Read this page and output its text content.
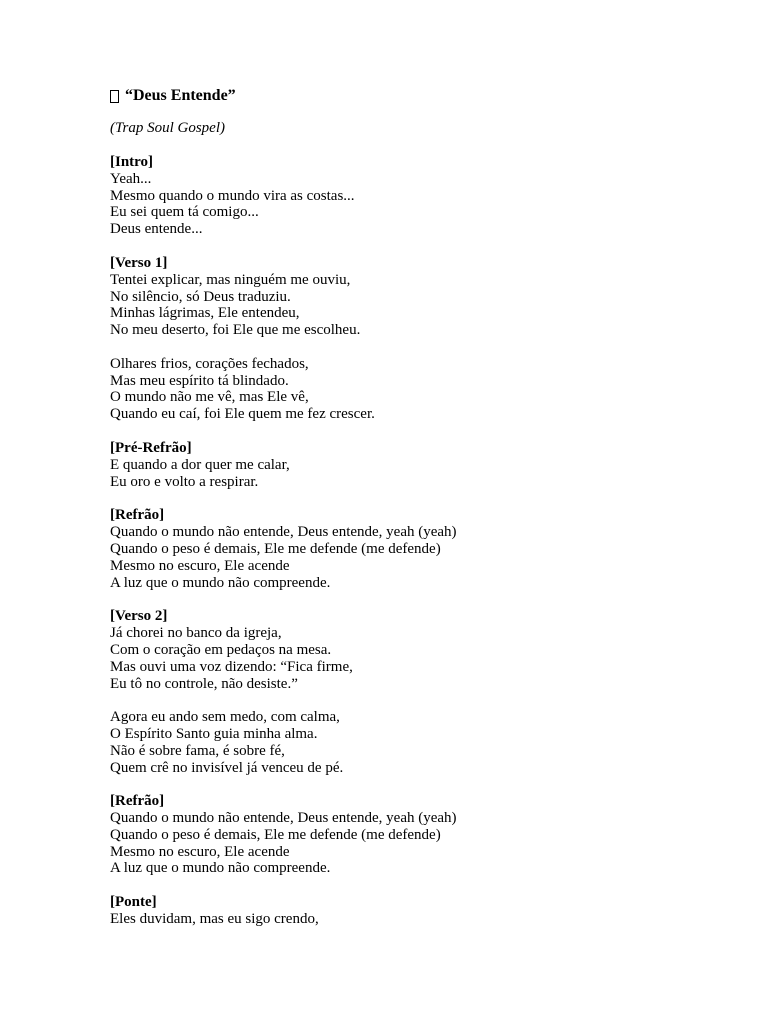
“Deus Entende”

(Trap Soul Gospel)

[Intro]

Yeah...

Mesmo quando o mundo vira as costas...

Eu sei quem tá comigo...

Deus entende...

[Verso 1]

Tentei explicar, mas ninguém me ouviu,

No silêncio, só Deus traduziu.

Minhas lágrimas, Ele entendeu,

No meu deserto, foi Ele que me escolheu.

Olhares frios, corações fechados,

Mas meu espírito tá blindado.

O mundo não me vê, mas Ele vê,

Quando eu caí, foi Ele quem me fez crescer.

[Pré-Refrão]

E quando a dor quer me calar,

Eu oro e volto a respirar.

[Refrão]

Quando o mundo não entende, Deus entende, yeah (yeah)

Quando o peso é demais, Ele me defende (me defende)

Mesmo no escuro, Ele acende

A luz que o mundo não compreende.

[Verso 2]

Já chorei no banco da igreja,

Com o coração em pedaços na mesa.

Mas ouvi uma voz dizendo: “Fica firme,

Eu tô no controle, não desiste.”

Agora eu ando sem medo, com calma,

O Espírito Santo guia minha alma.

Não é sobre fama, é sobre fé,

Quem crê no invisível já venceu de pé.

[Refrão]

Quando o mundo não entende, Deus entende, yeah (yeah)

Quando o peso é demais, Ele me defende (me defende)

Mesmo no escuro, Ele acende

A luz que o mundo não compreende.

[Ponte]

Eles duvidam, mas eu sigo crendo,
